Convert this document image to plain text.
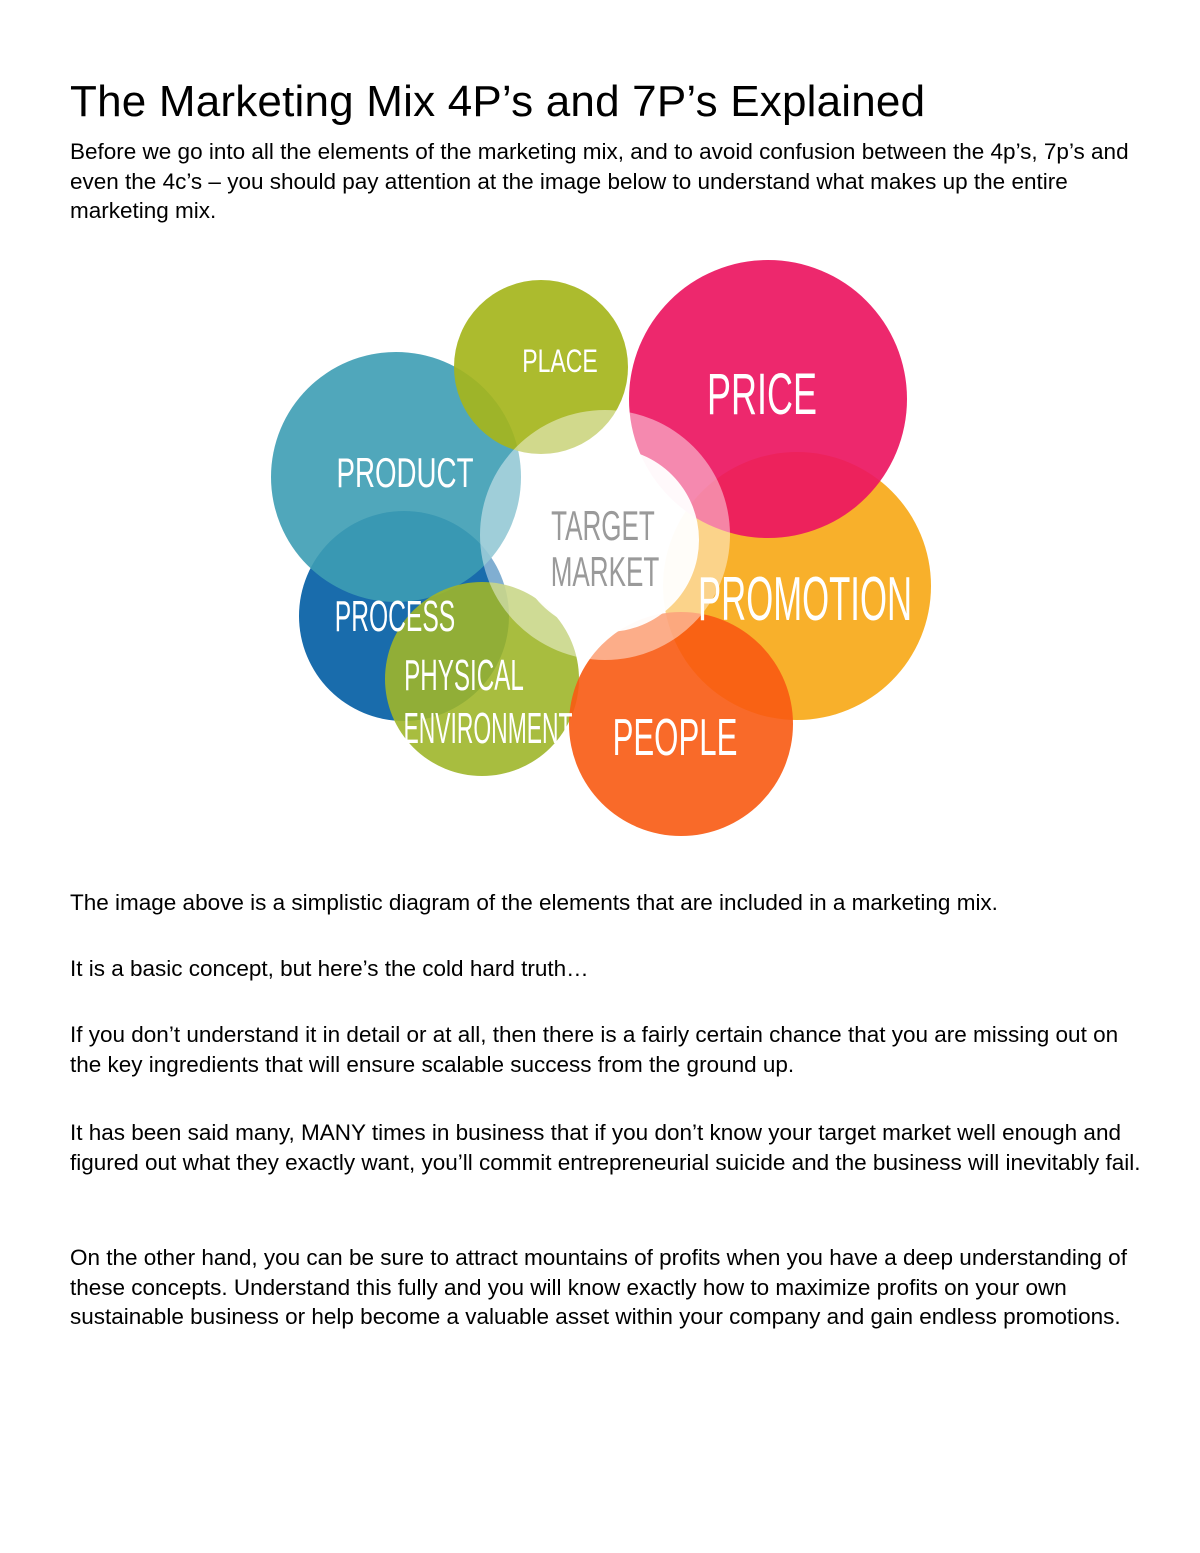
The Marketing Mix 4P’s and 7P’s Explained

Before we go into all the elements of the marketing mix, and to avoid confusion between the 4p’s, 7p’s and even the 4c’s – you should pay attention at the image below to understand what makes up the entire marketing mix.

PLACE
PRICE
PRODUCT
TARGET
MARKET PROMOTION
PROCESS
PHYSICAL
ENVIRONMENT PEOPLE

The image above is a simplistic diagram of the elements that are included in a marketing mix.

It is a basic concept, but here’s the cold hard truth…

If you don’t understand it in detail or at all, then there is a fairly certain chance that you are missing out on the key ingredients that will ensure scalable success from the ground up.

It has been said many, MANY times in business that if you don’t know your target market well enough and figured out what they exactly want, you’ll commit entrepreneurial suicide and the business will inevitably fail.

On the other hand, you can be sure to attract mountains of profits when you have a deep understanding of these concepts. Understand this fully and you will know exactly how to maximize profits on your own sustainable business or help become a valuable asset within your company and gain endless promotions.
